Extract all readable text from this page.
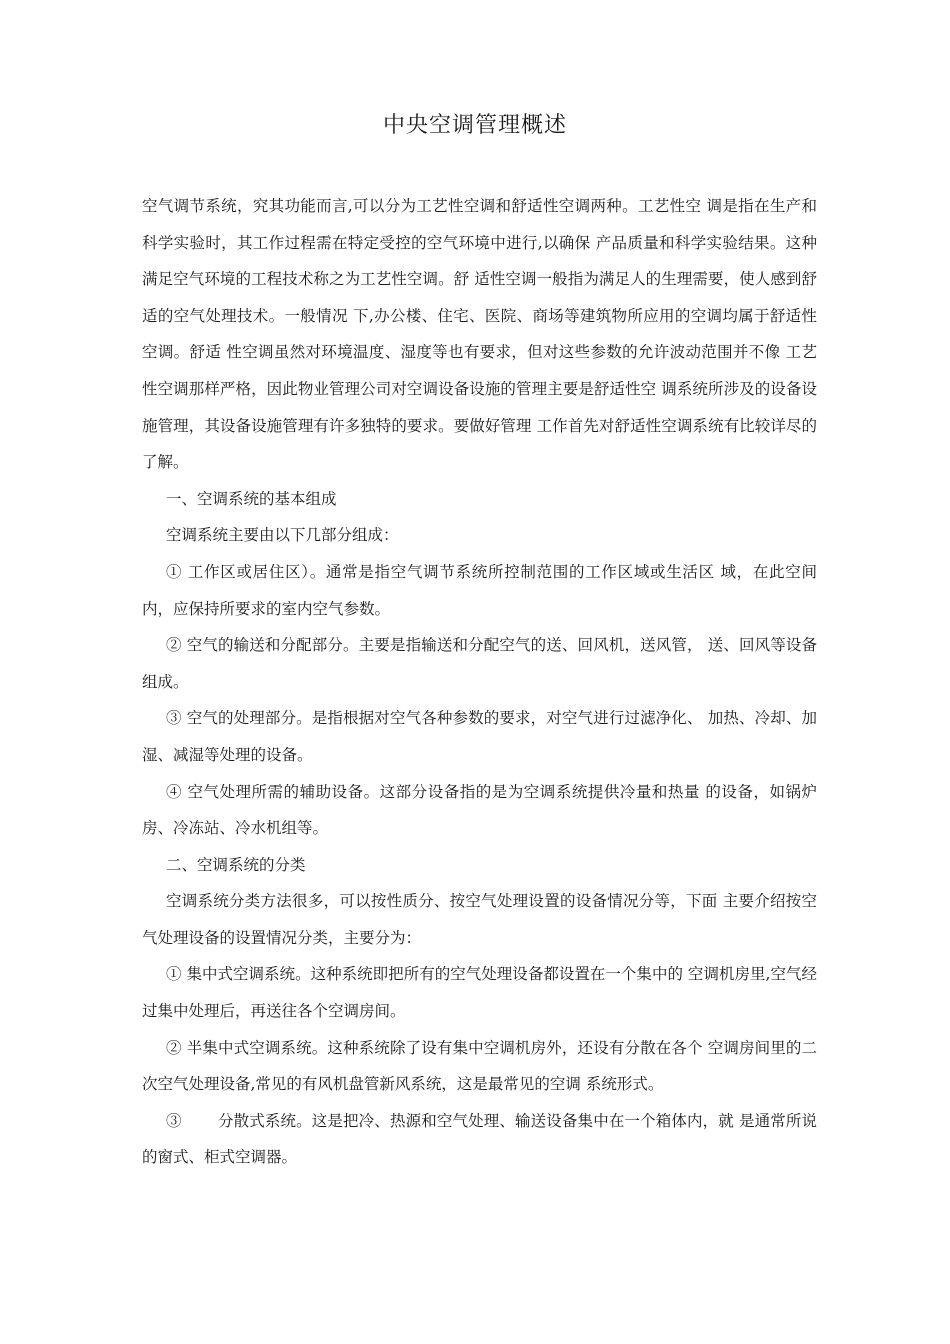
中央空调管理概述

空气调节系统，究其功能而言,可以分为工艺性空调和舒适性空调两种。工艺性空 调是指在生产和科学实验时，其工作过程需在特定受控的空气环境中进行,以确保 产品质量和科学实验结果。这种满足空气环境的工程技术称之为工艺性空调。舒 适性空调一般指为满足人的生理需要，使人感到舒适的空气处理技术。一般情况 下,办公楼、住宅、医院、商场等建筑物所应用的空调均属于舒适性空调。舒适 性空调虽然对环境温度、湿度等也有要求，但对这些参数的允许波动范围并不像 工艺性空调那样严格，因此物业管理公司对空调设备设施的管理主要是舒适性空 调系统所涉及的设备设施管理，其设备设施管理有许多独特的要求。要做好管理 工作首先对舒适性空调系统有比较详尽的了解。

一、空调系统的基本组成

空调系统主要由以下几部分组成：

① 工作区或居住区）。通常是指空气调节系统所控制范围的工作区域或生活区 域，在此空间内，应保持所要求的室内空气参数。

② 空气的输送和分配部分。主要是指输送和分配空气的送、回风机，送风管， 送、回风等设备组成。

③ 空气的处理部分。是指根据对空气各种参数的要求，对空气进行过滤净化、 加热、冷却、加湿、减湿等处理的设备。

④ 空气处理所需的辅助设备。这部分设备指的是为空调系统提供冷量和热量 的设备，如锅炉房、冷冻站、冷水机组等。

二、空调系统的分类

空调系统分类方法很多，可以按性质分、按空气处理设置的设备情况分等，下面 主要介绍按空气处理设备的设置情况分类，主要分为：

① 集中式空调系统。这种系统即把所有的空气处理设备都设置在一个集中的 空调机房里,空气经过集中处理后，再送往各个空调房间。

② 半集中式空调系统。这种系统除了设有集中空调机房外，还设有分散在各个 空调房间里的二次空气处理设备,常见的有风机盘管新风系统，这是最常见的空调 系统形式。

③ 　　分散式系统。这是把冷、热源和空气处理、输送设备集中在一个箱体内，就 是通常所说的窗式、柜式空调器。
